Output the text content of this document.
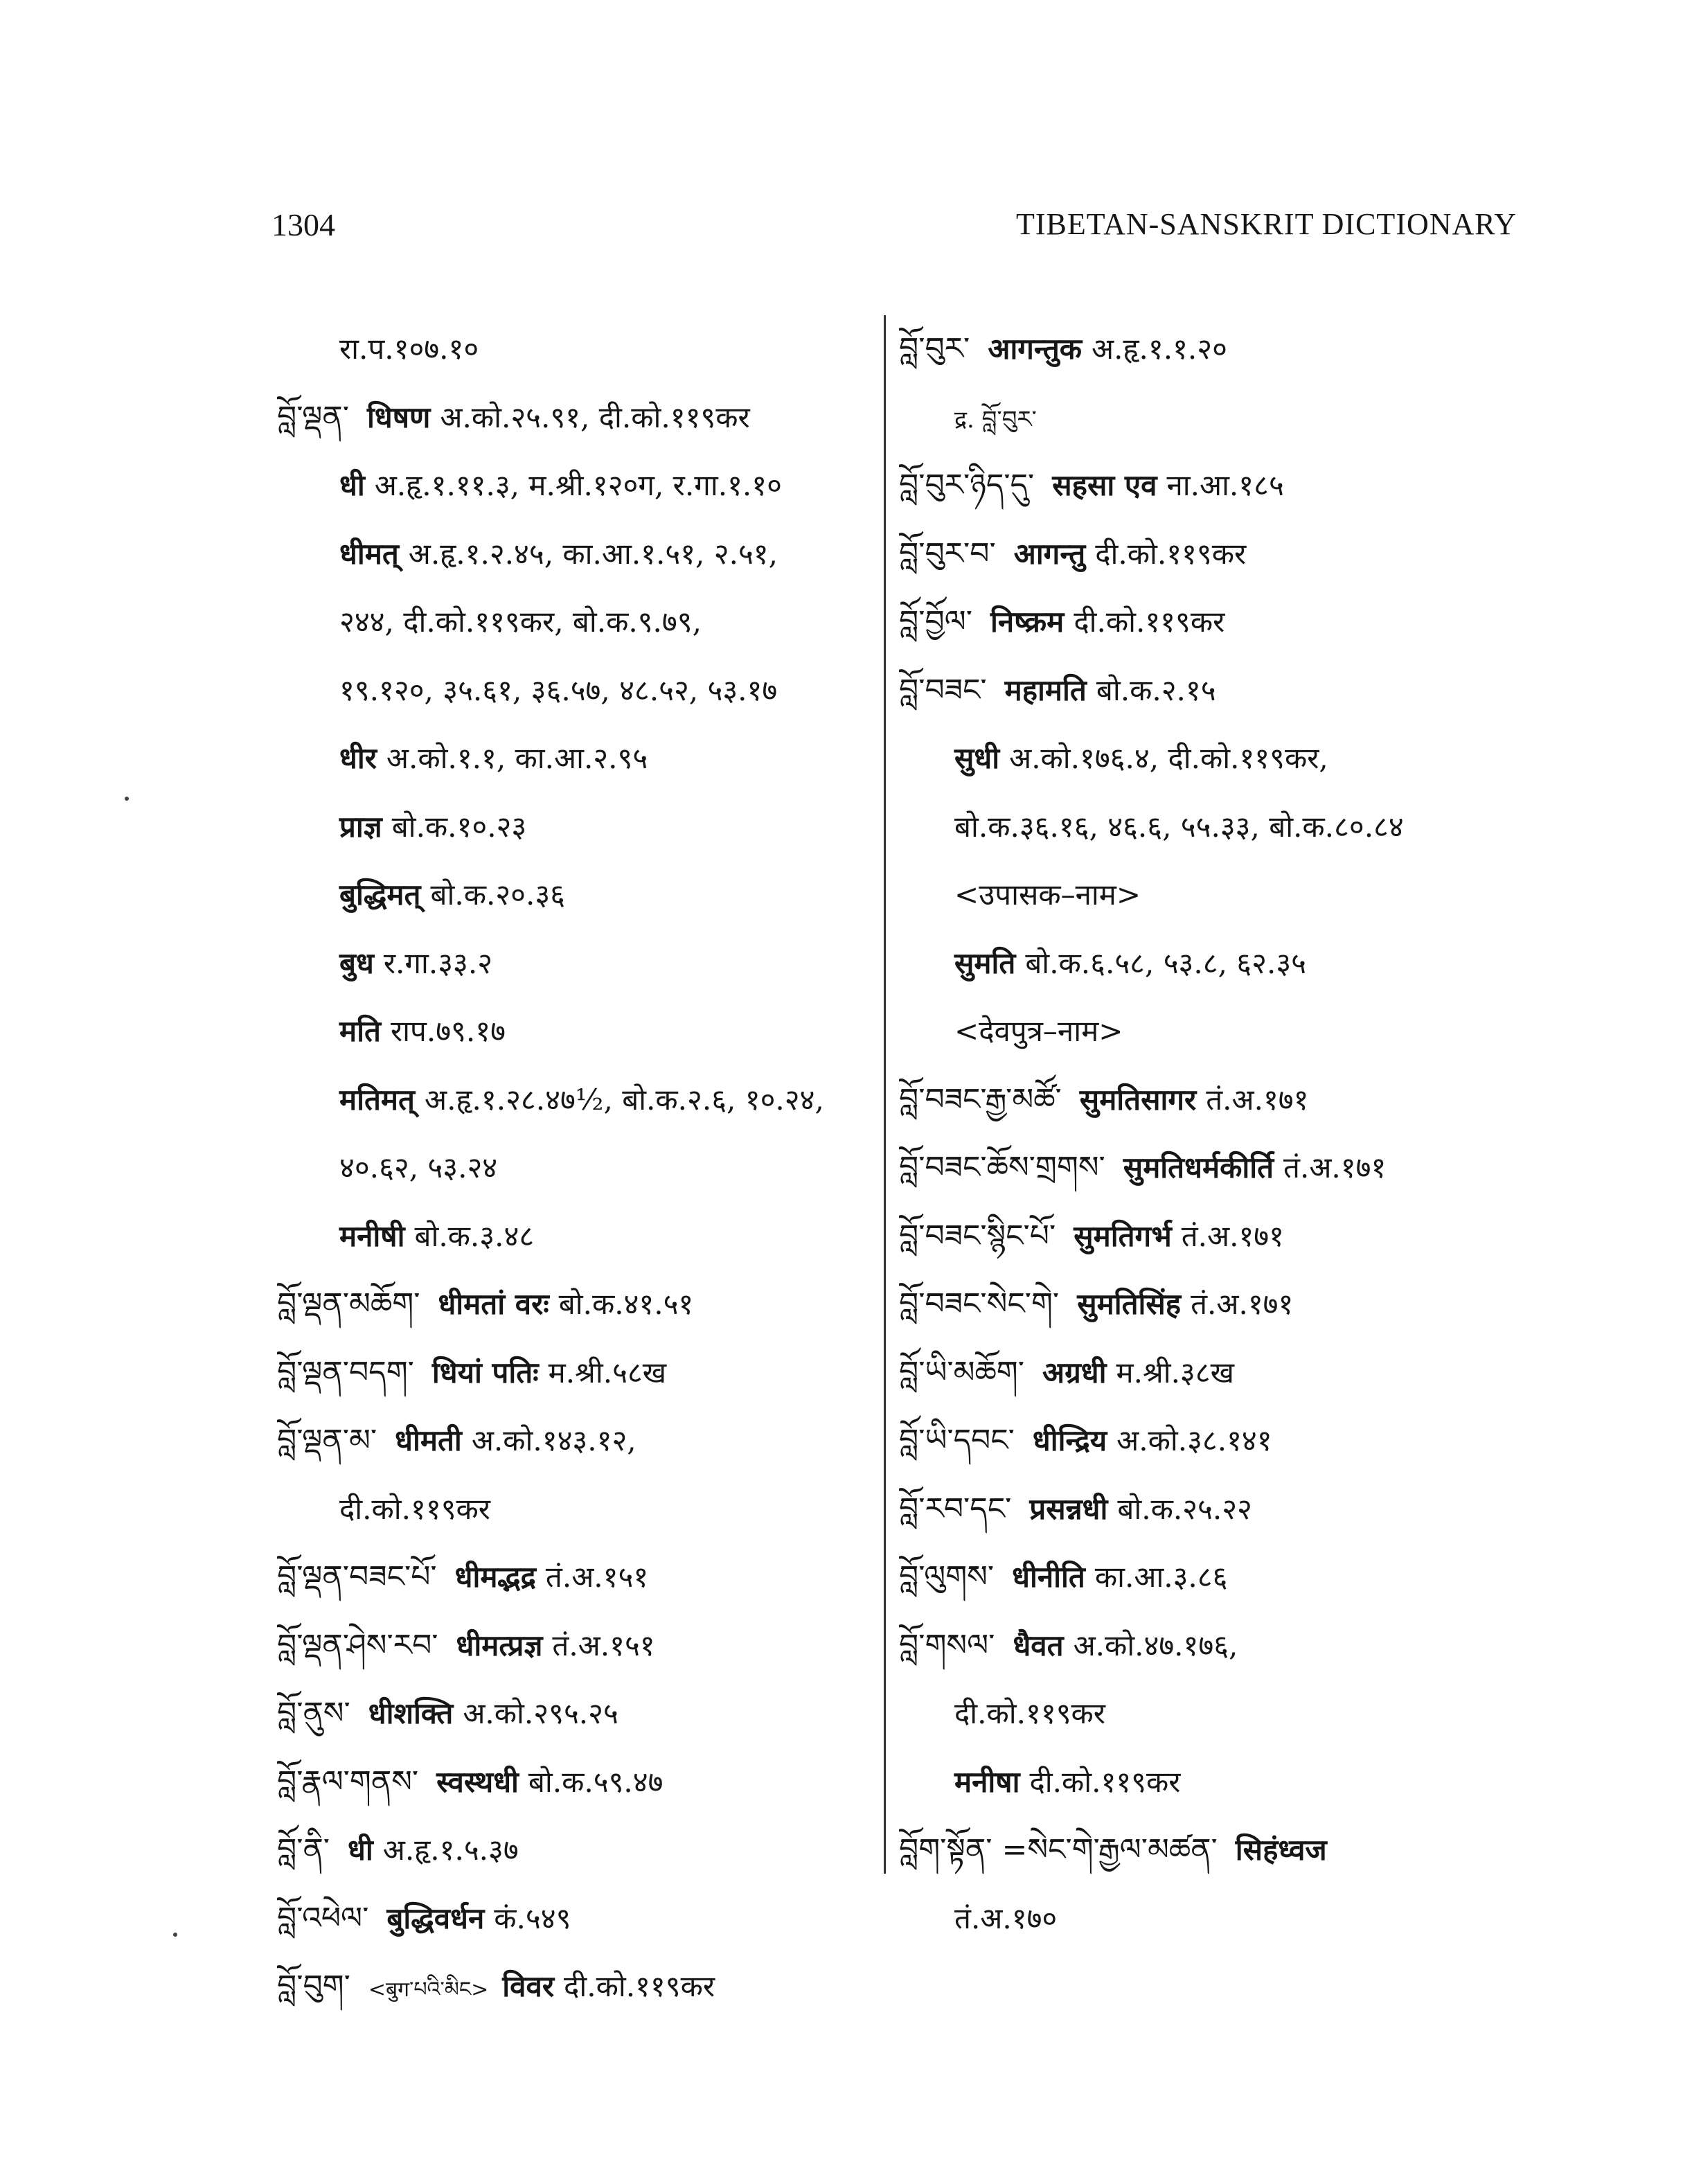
1304	TIBETAN-SANSKRIT DICTIONARY
रा.प.१०७.१०
བློ་ལྡན་ धिषण अ.को.२५.९१, दी.को.११९कर
धी अ.हृ.१.११.३, म.श्री.१२०ग, र.गा.१.१०
धीमत् अ.हृ.१.२.४५, का.आ.१.५१, २.५१,
२४४, दी.को.११९कर, बो.क.९.७९,
१९.१२०, ३५.६१, ३६.५७, ४८.५२, ५३.१७
धीर अ.को.१.१, का.आ.२.९५
प्राज्ञ बो.क.१०.२३
बुद्धिमत् बो.क.२०.३६
बुध र.गा.३३.२
मति राप.७९.१७
मतिमत् अ.हृ.१.२८.४७½, बो.क.२.६, १०.२४,
४०.६२, ५३.२४
मनीषी बो.क.३.४८
བློ་ལྡན་མཆོག་ धीमतां वरः बो.क.४१.५१
བློ་ལྡན་བདག་ धियां पतिः म.श्री.५८ख
བློ་ལྡན་མ་ धीमती अ.को.१४३.१२,
दी.को.११९कर
བློ་ལྡན་བཟང་པོ་ धीमद्भद्र तं.अ.१५१
བློ་ལྡན་ཤེས་རབ་ धीमत्प्रज्ञ तं.अ.१५१
བློ་ནུས་ धीशक्ति अ.को.२९५.२५
བློ་རྣལ་གནས་ स्वस्थधी बो.क.५९.४७
བློ་ནི་ धी अ.हृ.१.५.३७
བློ་འཕེལ་ बुद्धिवर्धन कं.५४९
བློ་བུག་ <बुग་པའི་མིང> विवर दी.को.११९कर
བློ་བུར་ आगन्तुक अ.हृ.१.१.२०
द्र. བློ་བུར་
བློ་བུར་ཉིད་དུ་ सहसा एव ना.आ.१८५
བློ་བུར་བ་ आगन्तु दी.को.११९कर
བློ་བྱོལ་ निष्क्रम दी.को.११९कर
བློ་བཟང་ महामति बो.क.२.१५
सुधी अ.को.१७६.४, दी.को.११९कर,
बो.क.३६.१६, ४६.६, ५५.३३, बो.क.८०.८४
<उपासक–नाम>
सुमति बो.क.६.५८, ५३.८, ६२.३५
<देवपुत्र–नाम>
བློ་བཟང་རྒྱ་མཚོ་ सुमतिसागर तं.अ.१७१
བློ་བཟང་ཆོས་གྲགས་ सुमतिधर्मकीर्ति तं.अ.१७१
བློ་བཟང་སྙིང་པོ་ सुमतिगर्भ तं.अ.१७१
བློ་བཟང་སེང་གེ་ सुमतिसिंह तं.अ.१७१
བློ་ཡི་མཆོག་ अग्रधी म.श्री.३८ख
བློ་ཡི་དབང་ धीन्द्रिय अ.को.३८.१४१
བློ་རབ་དང་ प्रसन्नधी बो.क.२५.२२
བློ་ལུགས་ धीनीति का.आ.३.८६
བློ་གསལ་ धैवत अ.को.४७.१७६,
दी.को.११९कर
मनीषा दी.को.११९कर
བློག་སྟོན་ =སེང་གེ་རྒྱལ་མཚན་ सिहंध्वज
तं.अ.१७०
